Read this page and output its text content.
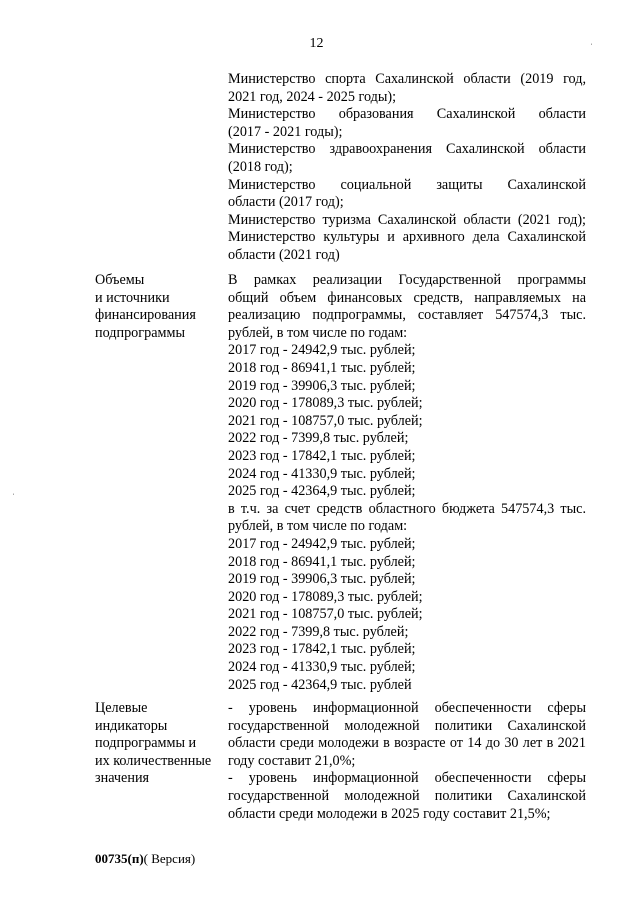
12	ˈ
ˈ
Министерство спорта Сахалинской области (2019 год,
2021 год, 2024 - 2025 годы);
Министерство образования Сахалинской области
(2017 - 2021 годы);
Министерство здравоохранения Сахалинской области
(2018 год);
Министерство социальной защиты Сахалинской
области (2017 год);
Министерство туризма Сахалинской области (2021 год);
Министерство культуры и архивного дела Сахалинской
области (2021 год)
Объемы
и источники
финансирования
подпрограммы
В рамках реализации Государственной программы
общий объем финансовых средств, направляемых на
реализацию подпрограммы, составляет 547574,3 тыс.
рублей, в том числе по годам:
2017 год - 24942,9 тыс. рублей;
2018 год - 86941,1 тыс. рублей;
2019 год - 39906,3 тыс. рублей;
2020 год - 178089,3 тыс. рублей;
2021 год - 108757,0 тыс. рублей;
2022 год - 7399,8 тыс. рублей;
2023 год - 17842,1 тыс. рублей;
2024 год - 41330,9 тыс. рублей;
2025 год - 42364,9 тыс. рублей;
в т.ч. за счет средств областного бюджета 547574,3 тыс.
рублей, в том числе по годам:
2017 год - 24942,9 тыс. рублей;
2018 год - 86941,1 тыс. рублей;
2019 год - 39906,3 тыс. рублей;
2020 год - 178089,3 тыс. рублей;
2021 год - 108757,0 тыс. рублей;
2022 год - 7399,8 тыс. рублей;
2023 год - 17842,1 тыс. рублей;
2024 год - 41330,9 тыс. рублей;
2025 год - 42364,9 тыс. рублей
Целевые
индикаторы
подпрограммы и
их количественные
значения
- уровень информационной обеспеченности сферы
государственной молодежной политики Сахалинской
области среди молодежи в возрасте от 14 до 30 лет в 2021
году составит 21,0%;
- уровень информационной обеспеченности сферы
государственной молодежной политики Сахалинской
области среди молодежи в 2025 году составит 21,5%;
00735(п)( Версия)
